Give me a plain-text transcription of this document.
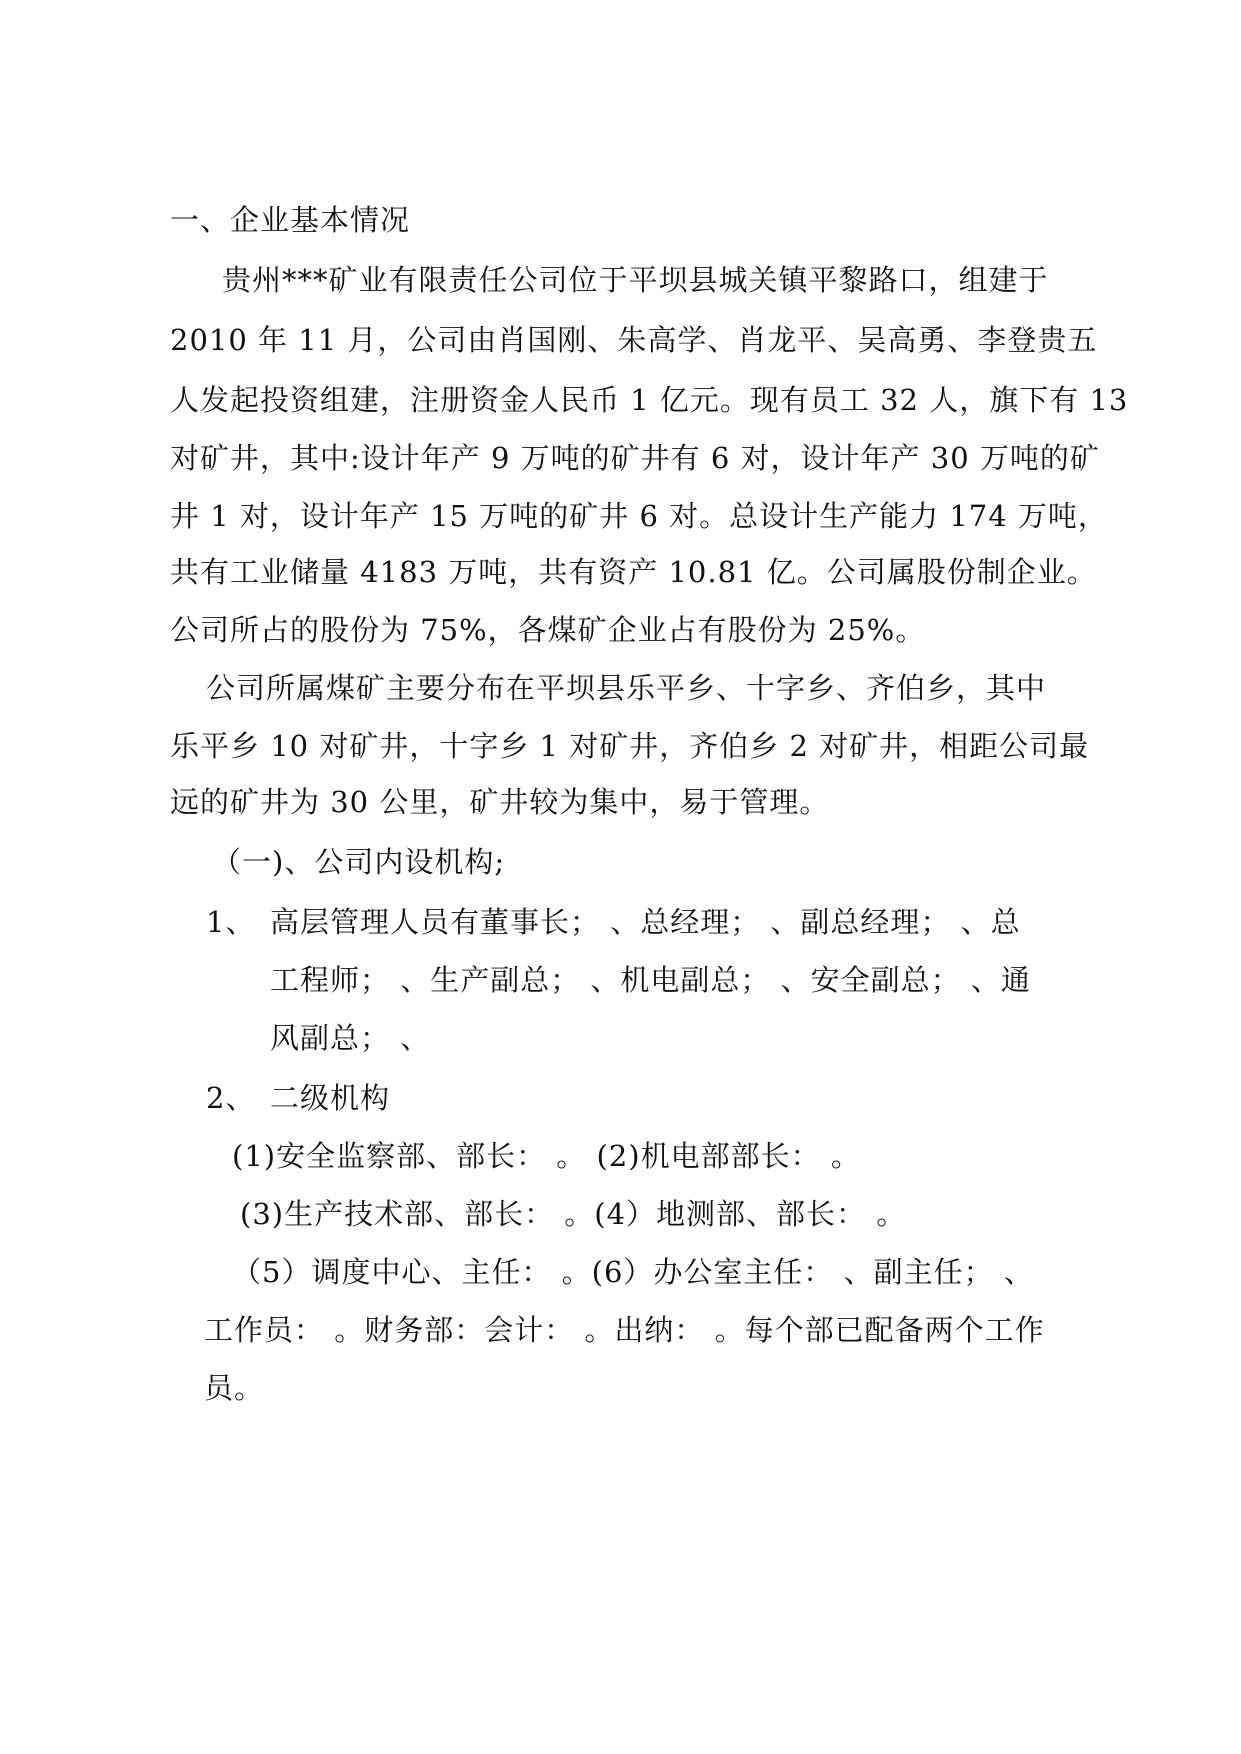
一、企业基本情况
贵州***矿业有限责任公司位于平坝县城关镇平黎路口，组建于
2010 年 11 月，公司由肖国刚、朱高学、肖龙平、吴高勇、李登贵五
人发起投资组建，注册资金人民币 1 亿元。现有员工 32 人，旗下有 13
对矿井，其中:设计年产 9 万吨的矿井有 6 对，设计年产 30 万吨的矿
井 1 对，设计年产 15 万吨的矿井 6 对。总设计生产能力 174 万吨，
共有工业储量 4183 万吨，共有资产 10.81 亿。公司属股份制企业。
公司所占的股份为 75%，各煤矿企业占有股份为 25%。
公司所属煤矿主要分布在平坝县乐平乡、十字乡、齐伯乡，其中
乐平乡 10 对矿井，十字乡 1 对矿井，齐伯乡 2 对矿井，相距公司最
远的矿井为 30 公里，矿井较为集中，易于管理。
（一)、公司内设机构;
1、 高层管理人员有董事长； 、总经理； 、副总经理； 、总
工程师； 、生产副总； 、机电副总； 、安全副总； 、通
风副总； 、
2、 二级机构
(1)安全监察部、部长： 。 (2)机电部部长： 。
(3)生产技术部、部长： 。(4）地测部、部长： 。
（5）调度中心、主任： 。(6）办公室主任： 、副主任； 、
工作员： 。财务部：会计： 。出纳： 。每个部已配备两个工作
员。
